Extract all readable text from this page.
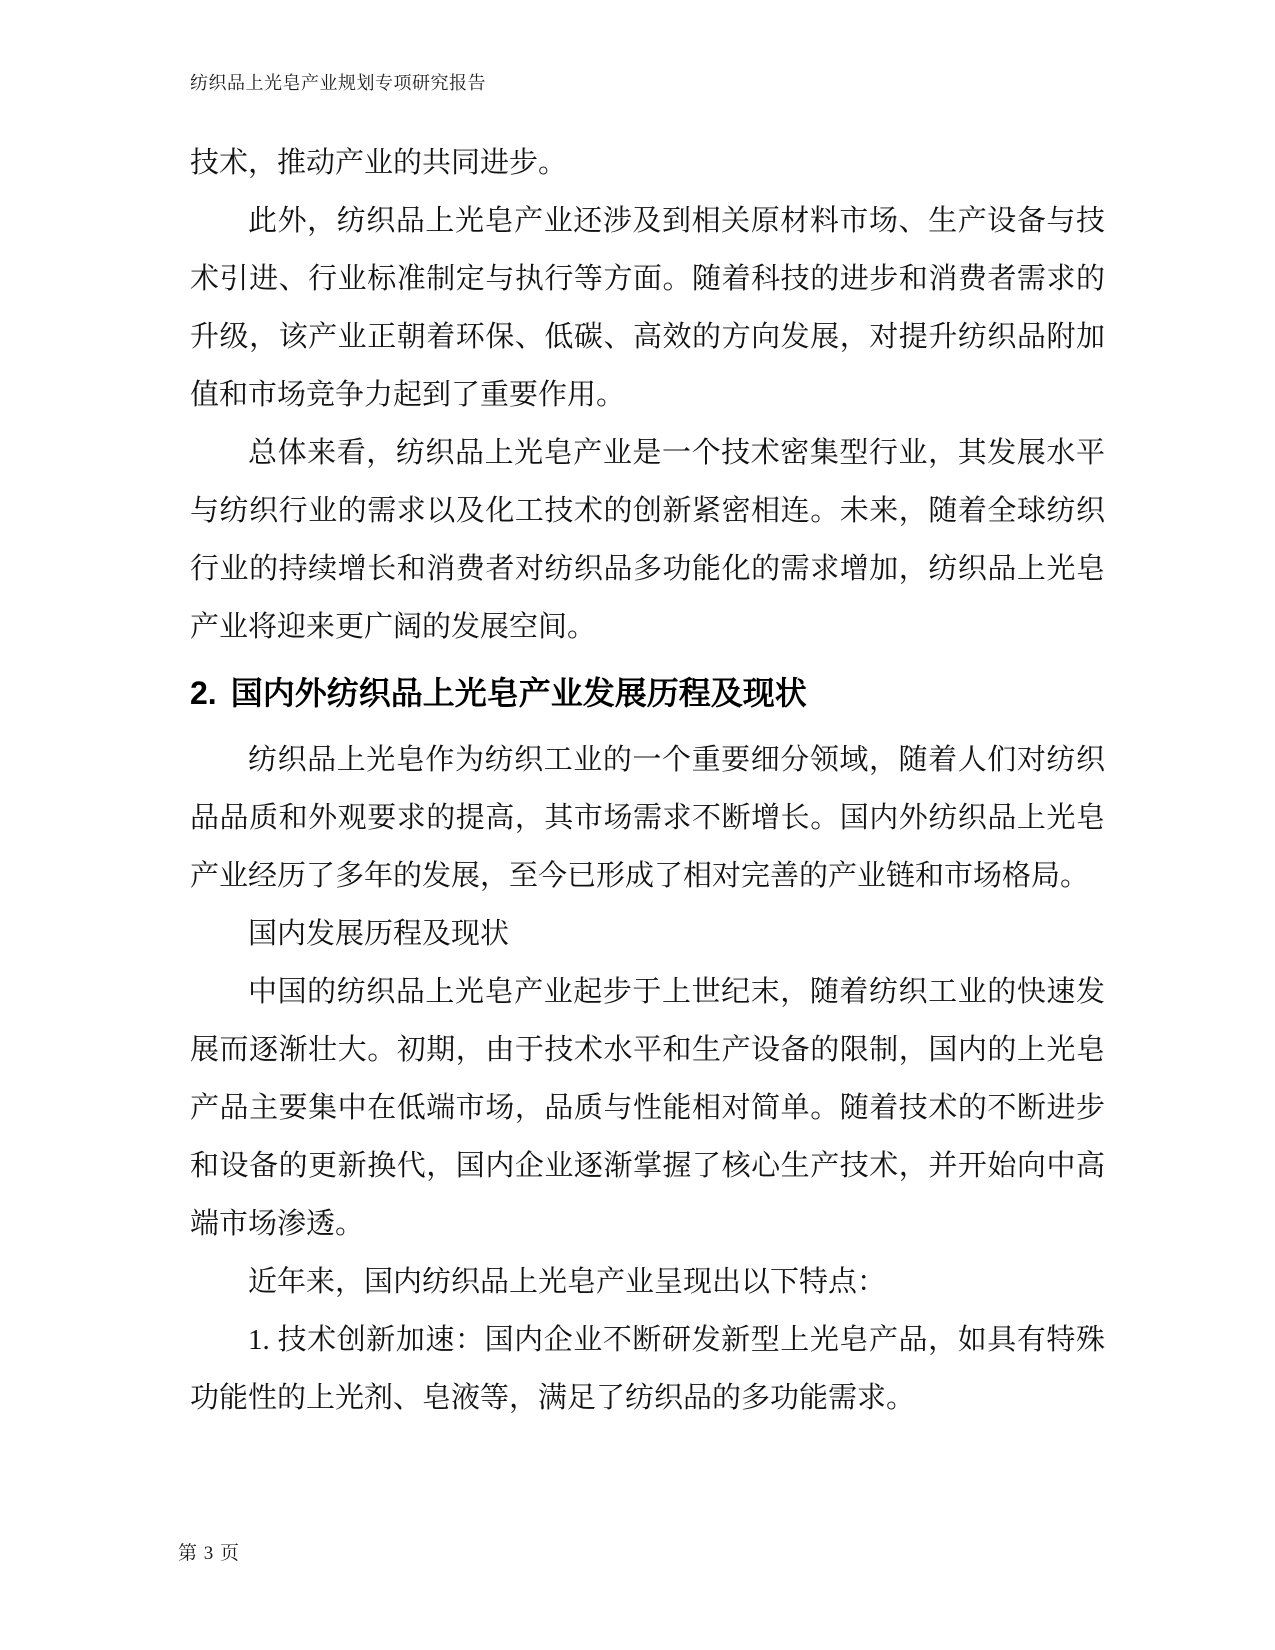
纺织品上光皂产业规划专项研究报告

技术，推动产业的共同进步。

此外，纺织品上光皂产业还涉及到相关原材料市场、生产设备与技术引进、行业标准制定与执行等方面。随着科技的进步和消费者需求的升级，该产业正朝着环保、低碳、高效的方向发展，对提升纺织品附加值和市场竞争力起到了重要作用。

总体来看，纺织品上光皂产业是一个技术密集型行业，其发展水平与纺织行业的需求以及化工技术的创新紧密相连。未来，随着全球纺织行业的持续增长和消费者对纺织品多功能化的需求增加，纺织品上光皂产业将迎来更广阔的发展空间。

2. 国内外纺织品上光皂产业发展历程及现状

纺织品上光皂作为纺织工业的一个重要细分领域，随着人们对纺织品品质和外观要求的提高，其市场需求不断增长。国内外纺织品上光皂产业经历了多年的发展，至今已形成了相对完善的产业链和市场格局。

国内发展历程及现状

中国的纺织品上光皂产业起步于上世纪末，随着纺织工业的快速发展而逐渐壮大。初期，由于技术水平和生产设备的限制，国内的上光皂产品主要集中在低端市场，品质与性能相对简单。随着技术的不断进步和设备的更新换代，国内企业逐渐掌握了核心生产技术，并开始向中高端市场渗透。

近年来，国内纺织品上光皂产业呈现出以下特点：

1. 技术创新加速：国内企业不断研发新型上光皂产品，如具有特殊功能性的上光剂、皂液等，满足了纺织品的多功能需求。

第 3 页
